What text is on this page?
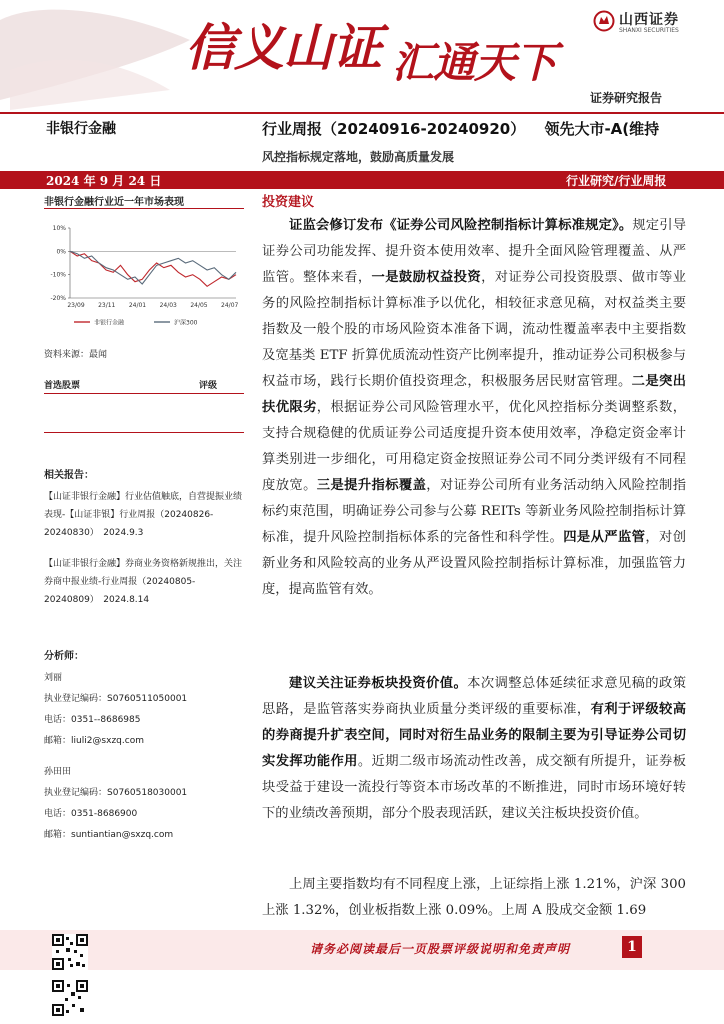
信义山证 汇通天下
山西证券
SHANXI SECURITIES
证券研究报告
非银行金融	行业周报（20240916-20240920） 领先大市-A(维持
风控指标规定落地，鼓励高质量发展
2024 年 9 月 24 日	行业研究/行业周报
非银行金融行业近一年市场表现
10%
0%
-10%
-20%
23/09 23/11 24/01 24/03 24/05 24/07
非银行金融	沪深300
资料来源：最闻
首选股票	评级
相关报告：
【山证非银行金融】行业估值触底，自营提振业绩表现-【山证非银】行业周报（20240826-20240830）　2024.9.3
【山证非银行金融】券商业务资格新规推出，关注券商中报业绩-行业周报（20240805-20240809）　2024.8.14
分析师：
刘丽
执业登记编码：S0760511050001
电话：0351--8686985
邮箱：liuli2@sxzq.com
孙田田
执业登记编码：S0760518030001
电话：0351-8686900
邮箱：suntiantian@sxzq.com
投资建议
证监会修订发布《证券公司风险控制指标计算标准规定》。规定引导证券公司功能发挥、提升资本使用效率、提升全面风险管理覆盖、从严监管。整体来看，一是鼓励权益投资，对证券公司投资股票、做市等业务的风险控制指标计算标准予以优化，相较征求意见稿，对权益类主要指数及一般个股的市场风险资本准备下调，流动性覆盖率表中主要指数及宽基类 ETF 折算优质流动性资产比例率提升，推动证券公司积极参与权益市场，践行长期价值投资理念，积极服务居民财富管理。二是突出扶优限劣，根据证券公司风险管理水平，优化风控指标分类调整系数，支持合规稳健的优质证券公司适度提升资本使用效率，净稳定资金率计算类别进一步细化，可用稳定资金按照证券公司不同分类评级有不同程度放宽。三是提升指标覆盖，对证券公司所有业务活动纳入风险控制指标约束范围，明确证券公司参与公募 REITs 等新业务风险控制指标计算标准，提升风险控制指标体系的完备性和科学性。四是从严监管，对创新业务和风险较高的业务从严设置风险控制指标计算标准，加强监管力度，提高监管有效。
建议关注证券板块投资价值。本次调整总体延续征求意见稿的政策思路，是监管落实券商执业质量分类评级的重要标准，有利于评级较高的券商提升扩表空间，同时对衍生品业务的限制主要为引导证券公司切实发挥功能作用。近期二级市场流动性改善，成交额有所提升，证券板块受益于建设一流投行等资本市场改革的不断推进，同时市场环境好转下的业绩改善预期，部分个股表现活跃，建议关注板块投资价值。
上周主要指数均有不同程度上涨，上证综指上涨 1.21%，沪深 300 上涨 1.32%，创业板指数上涨 0.09%。上周 A 股成交金额 1.69
请务必阅读最后一页股票评级说明和免责声明	1
